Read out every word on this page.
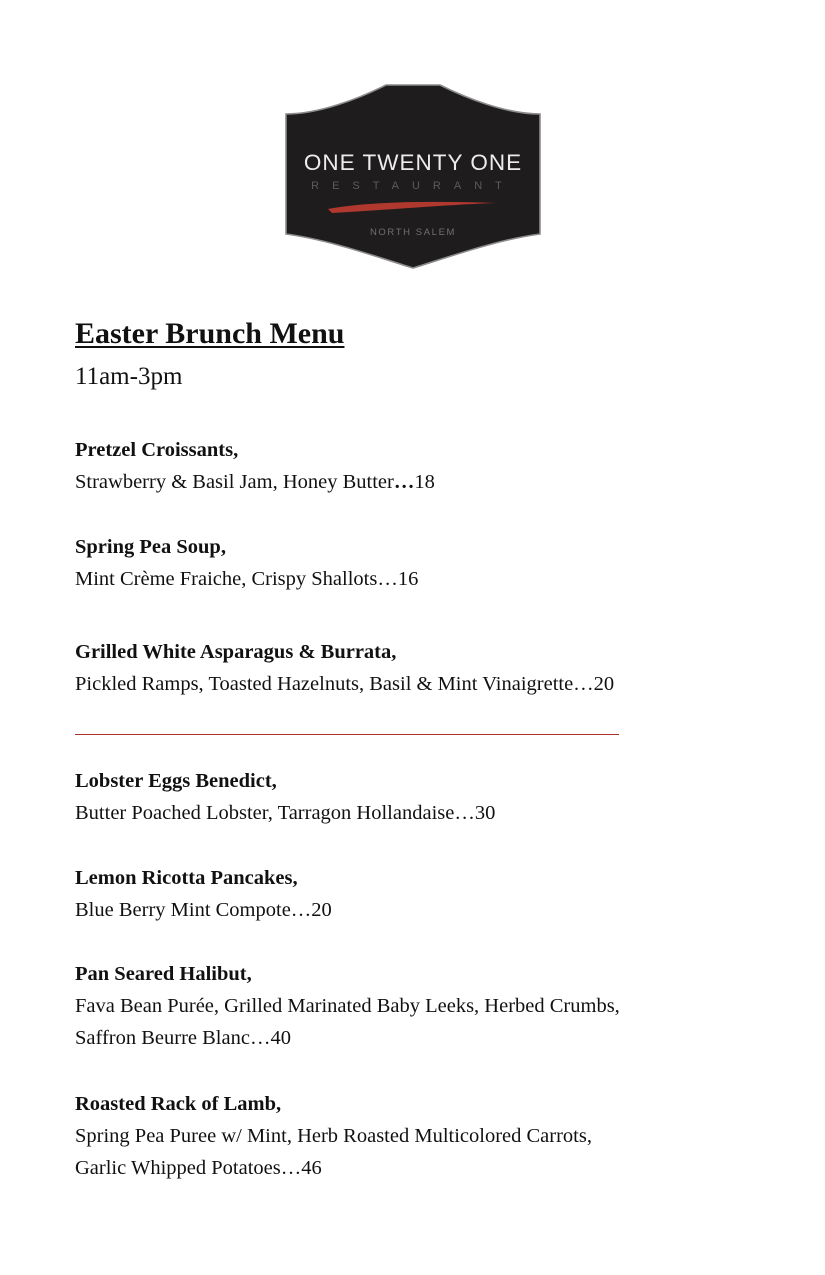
ONE TWENTY ONE
RESTAURANT
NORTH SALEM
Easter Brunch Menu
11am-3pm
Pretzel Croissants,
Strawberry & Basil Jam, Honey Butter…18
Spring Pea Soup,
Mint Crème Fraiche, Crispy Shallots…16
Grilled White Asparagus & Burrata,
Pickled Ramps, Toasted Hazelnuts, Basil & Mint Vinaigrette…20
Lobster Eggs Benedict,
Butter Poached Lobster, Tarragon Hollandaise…30
Lemon Ricotta Pancakes,
Blue Berry Mint Compote…20
Pan Seared Halibut,
Fava Bean Purée, Grilled Marinated Baby Leeks, Herbed Crumbs,
Saffron Beurre Blanc…40
Roasted Rack of Lamb,
Spring Pea Puree w/ Mint, Herb Roasted Multicolored Carrots,
Garlic Whipped Potatoes…46
